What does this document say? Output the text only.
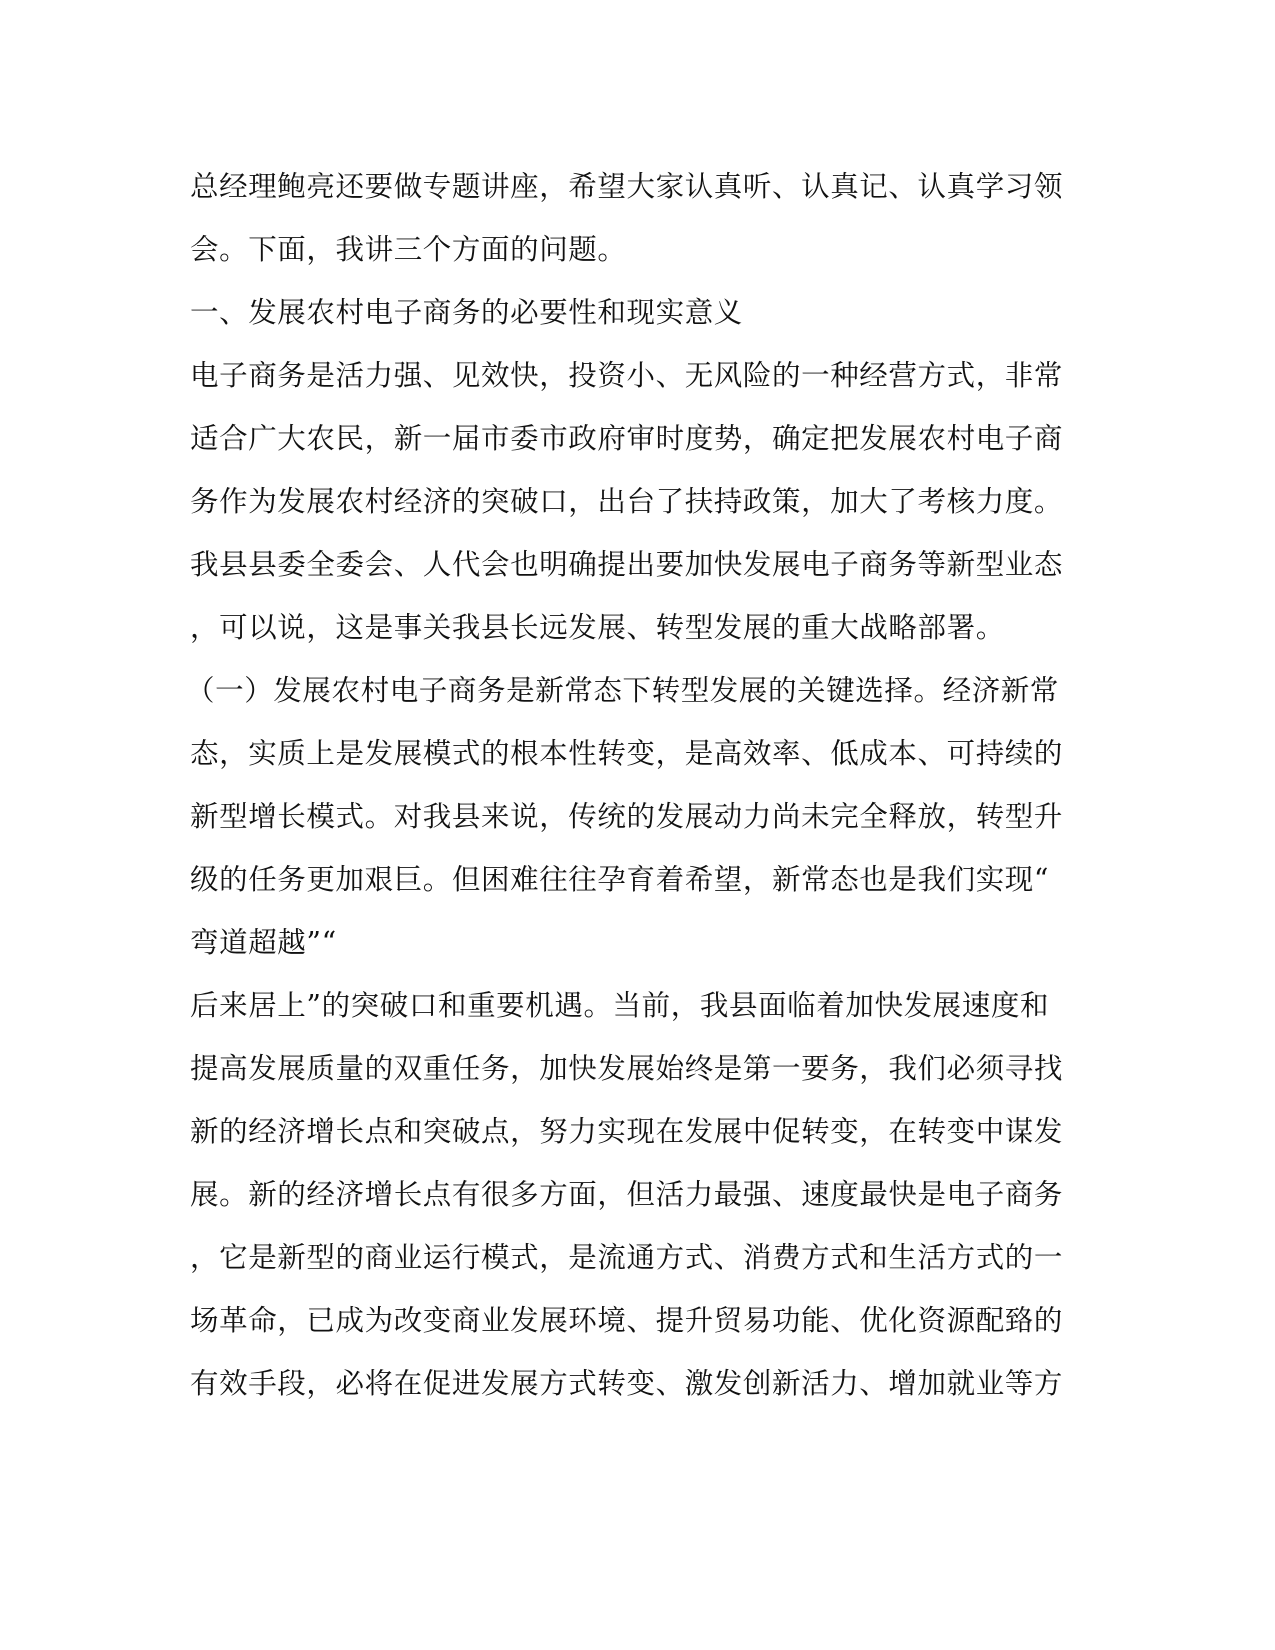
总经理鲍亮还要做专题讲座，希望大家认真听、认真记、认真学习领
会。下面，我讲三个方面的问题。
一、发展农村电子商务的必要性和现实意义
电子商务是活力强、见效快，投资小、无风险的一种经营方式，非常
适合广大农民，新一届市委市政府审时度势，确定把发展农村电子商
务作为发展农村经济的突破口，出台了扶持政策，加大了考核力度。
我县县委全委会、人代会也明确提出要加快发展电子商务等新型业态
，可以说，这是事关我县长远发展、转型发展的重大战略部署。
（一）发展农村电子商务是新常态下转型发展的关键选择。经济新常
态，实质上是发展模式的根本性转变，是高效率、低成本、可持续的
新型增长模式。对我县来说，传统的发展动力尚未完全释放，转型升
级的任务更加艰巨。但困难往往孕育着希望，新常态也是我们实现“
弯道超越”“
后来居上”的突破口和重要机遇。当前，我县面临着加快发展速度和
提高发展质量的双重任务，加快发展始终是第一要务，我们必须寻找
新的经济增长点和突破点，努力实现在发展中促转变，在转变中谋发
展。新的经济增长点有很多方面，但活力最强、速度最快是电子商务
，它是新型的商业运行模式，是流通方式、消费方式和生活方式的一
场革命，已成为改变商业发展环境、提升贸易功能、优化资源配臵的
有效手段，必将在促进发展方式转变、激发创新活力、增加就业等方
